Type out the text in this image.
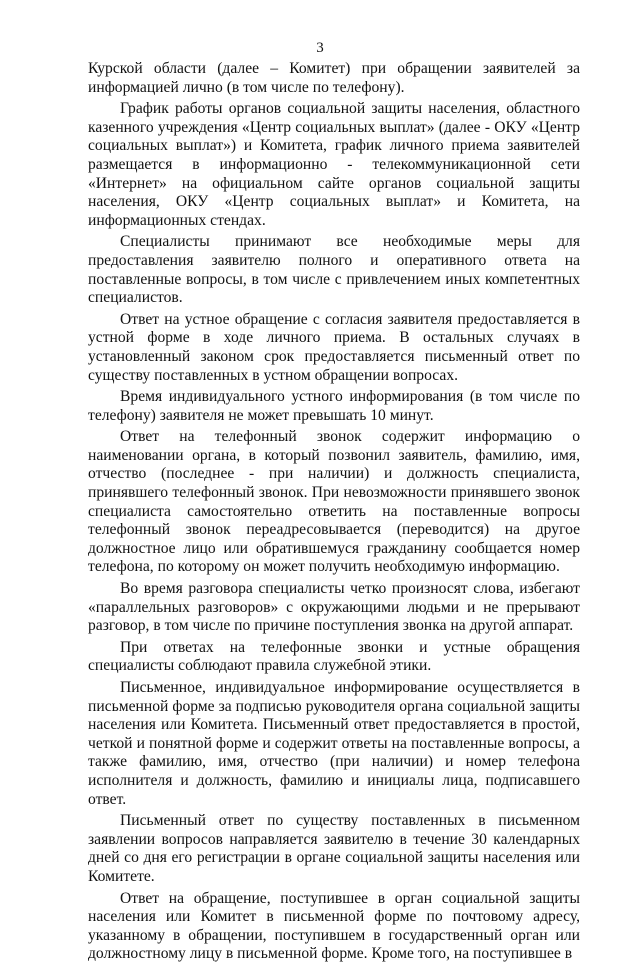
3

Курской области (далее – Комитет) при обращении заявителей за информацией лично (в том числе по телефону).

График работы органов социальной защиты населения, областного казенного учреждения «Центр социальных выплат» (далее - ОКУ «Центр социальных выплат») и Комитета, график личного приема заявителей размещается в информационно - телекоммуникационной сети «Интернет» на официальном сайте органов социальной защиты населения, ОКУ «Центр социальных выплат» и Комитета, на информационных стендах.

Специалисты принимают все необходимые меры для предоставления заявителю полного и оперативного ответа на поставленные вопросы, в том числе с привлечением иных компетентных специалистов.

Ответ на устное обращение с согласия заявителя предоставляется в устной форме в ходе личного приема. В остальных случаях в установленный законом срок предоставляется письменный ответ по существу поставленных в устном обращении вопросах.

Время индивидуального устного информирования (в том числе по телефону) заявителя не может превышать 10 минут.

Ответ на телефонный звонок содержит информацию о наименовании органа, в который позвонил заявитель, фамилию, имя, отчество (последнее - при наличии) и должность специалиста, принявшего телефонный звонок. При невозможности принявшего звонок специалиста самостоятельно ответить на поставленные вопросы телефонный звонок переадресовывается (переводится) на другое должностное лицо или обратившемуся гражданину сообщается номер телефона, по которому он может получить необходимую информацию.

Во время разговора специалисты четко произносят слова, избегают «параллельных разговоров» с окружающими людьми и не прерывают разговор, в том числе по причине поступления звонка на другой аппарат.

При ответах на телефонные звонки и устные обращения специалисты соблюдают правила служебной этики.

Письменное, индивидуальное информирование осуществляется в письменной форме за подписью руководителя органа социальной защиты населения или Комитета. Письменный ответ предоставляется в простой, четкой и понятной форме и содержит ответы на поставленные вопросы, а также фамилию, имя, отчество (при наличии) и номер телефона исполнителя и должность, фамилию и инициалы лица, подписавшего ответ.

Письменный ответ по существу поставленных в письменном заявлении вопросов направляется заявителю в течение 30 календарных дней со дня его регистрации в органе социальной защиты населения или Комитете.

Ответ на обращение, поступившее в орган социальной защиты населения или Комитет в письменной форме по почтовому адресу, указанному в обращении, поступившем в государственный орган или должностному лицу в письменной форме. Кроме того, на поступившее в
